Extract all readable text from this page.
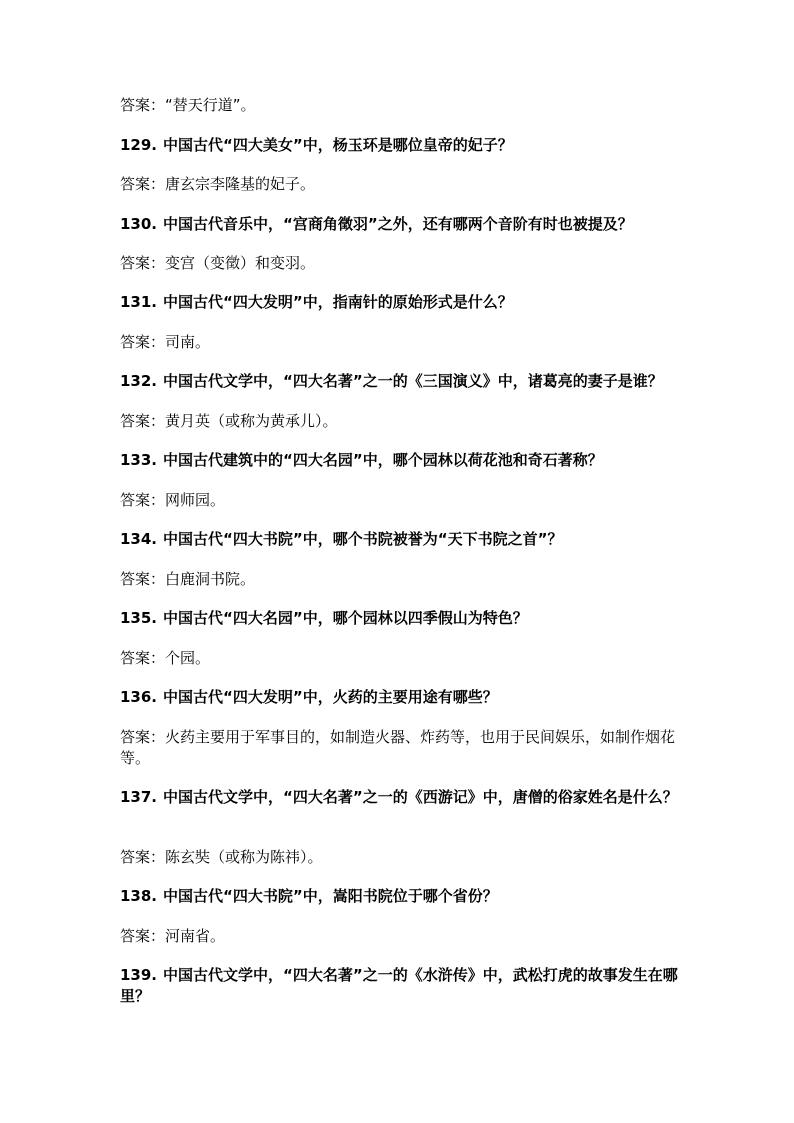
答案：“替天行道”。
129. 中国古代“四大美女”中，杨玉环是哪位皇帝的妃子？
答案：唐玄宗李隆基的妃子。
130. 中国古代音乐中，“宫商角徵羽”之外，还有哪两个音阶有时也被提及？
答案：变宫（变徵）和变羽。
131. 中国古代“四大发明”中，指南针的原始形式是什么？
答案：司南。
132. 中国古代文学中，“四大名著”之一的《三国演义》中，诸葛亮的妻子是谁？
答案：黄月英（或称为黄承儿）。
133. 中国古代建筑中的“四大名园”中，哪个园林以荷花池和奇石著称？
答案：网师园。
134. 中国古代“四大书院”中，哪个书院被誉为“天下书院之首”？
答案：白鹿洞书院。
135. 中国古代“四大名园”中，哪个园林以四季假山为特色？
答案：个园。
136. 中国古代“四大发明”中，火药的主要用途有哪些？
答案：火药主要用于军事目的，如制造火器、炸药等，也用于民间娱乐，如制作烟花等。
137. 中国古代文学中，“四大名著”之一的《西游记》中，唐僧的俗家姓名是什么？
答案：陈玄奘（或称为陈祎）。
138. 中国古代“四大书院”中，嵩阳书院位于哪个省份？
答案：河南省。
139. 中国古代文学中，“四大名著”之一的《水浒传》中，武松打虎的故事发生在哪里？
